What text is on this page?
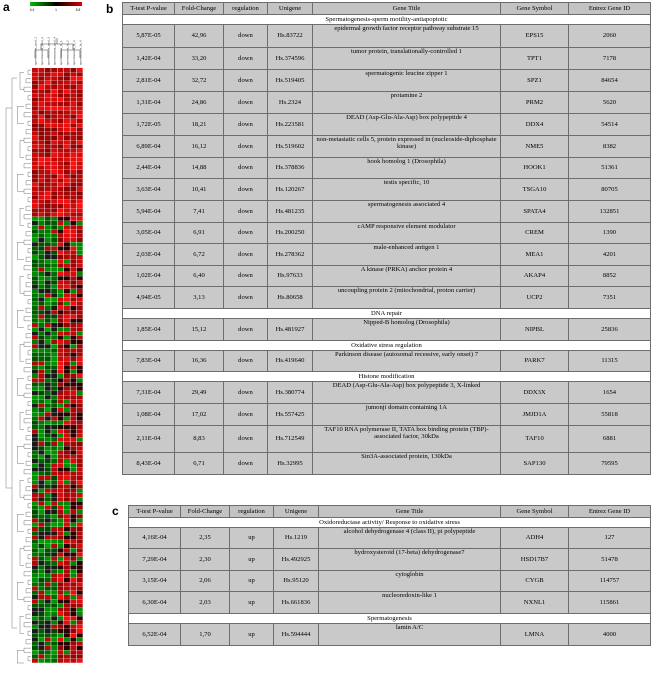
a	b
c
0.4	1	5.8
spermatozoa_pool_1 spermatozoa_pool_2 spermatozoa_pool_3 spermatozoa_pool_4 spermatozoa_fs_1 spermatozoa_fs_2 spermatozoa_fs_3 spermatozoa_fs_4
T-test P-value	Fold-Change	regulation	Unigene	Gene Title	Gene Symbol	Entrez Gene ID
Spermatogenesis-sperm motility-antiapoptotic						
5,87E-05	42,96	down	Hs.83722	epidermal growth factor receptor pathway substrate 15	EPS15	2060
1,42E-04	33,20	down	Hs.374596	tumor protein, translationally-controlled 1	TPT1	7178
2,81E-04	32,72	down	Hs.519405	spermatogenic leucine zipper 1	SPZ1	84654
1,31E-04	24,86	down	Hs.2324	protamine 2	PRM2	5620
1,72E-05	18,21	down	Hs.223581	DEAD (Asp-Glu-Ala-Asp) box polypeptide 4	DDX4	54514
6,89E-04	16,12	down	Hs.519602	non-metastatic cells 5, protein expressed in (nucleoside-diphosphate kinase)	NME5	8382
2,44E-04	14,88	down	Hs.378836	hook homolog 1 (Drosophila)	HOOK1	51361
3,63E-04	10,41	down	Hs.120267	testis specific, 10	TSGA10	80705
5,94E-04	7,41	down	Hs.481235	spermatogenesis associated 4	SPATA4	132851
3,05E-04	6,91	down	Hs.200250	cAMP responsive element modulator	CREM	1390
2,03E-04	6,72	down	Hs.278362	male-enhanced antigen 1	MEA1	4201
1,02E-04	6,40	down	Hs.97633	A kinase (PRKA) anchor protein 4	AKAP4	8852
4,94E-05	3,13	down	Hs.80658	uncoupling protein 2 (mitochondrial, proton carrier)	UCP2	7351
DNA repair						
1,85E-04	15,12	down	Hs.481927	Nipped-B homolog (Drosophila)	NIPBL	25836
Oxidative stress regulation						
7,83E-04	16,36	down	Hs.419640	Parkinson disease (autosomal recessive, early onset) 7	PARK7	11315
Histone modification						
7,31E-04	29,49	down	Hs.380774	DEAD (Asp-Glu-Ala-Asp) box polypeptide 3, X-linked	DDX3X	1654
1,08E-04	17,02	down	Hs.557425	jumonji domain containing 1A	JMJD1A	55818
2,11E-04	8,83	down	Hs.712549	TAF10 RNA polymerase II, TATA box binding protein (TBP)-associated factor, 30kDa	TAF10	6881
8,43E-04	6,71	down	Hs.32995	Sin3A-associated protein, 130kDa	SAP130	79595
T-test P-value	Fold-Change	regulation	Unigene	Gene Title	Gene Symbol	Entrez Gene ID
Oxidoreductase activity/ Response to oxidative stress						
4,16E-04	2,35	up	Hs.1219	alcohol dehydrogenase 4 (class II), pi polypeptide	ADH4	127
7,29E-04	2,30	up	Hs.492925	hydroxysteroid (17-beta) dehydrogenase7	HSD17B7	51478
3,15E-04	2,06	up	Hs.95120	cytoglobin	CYGB	114757
6,30E-04	2,03	up	Hs.661836	nucleoredoxin-like 1	NXNL1	115861
Spermatogenesis						
6,52E-04	1,70	up	Hs.594444	lamin A/C	LMNA	4000
